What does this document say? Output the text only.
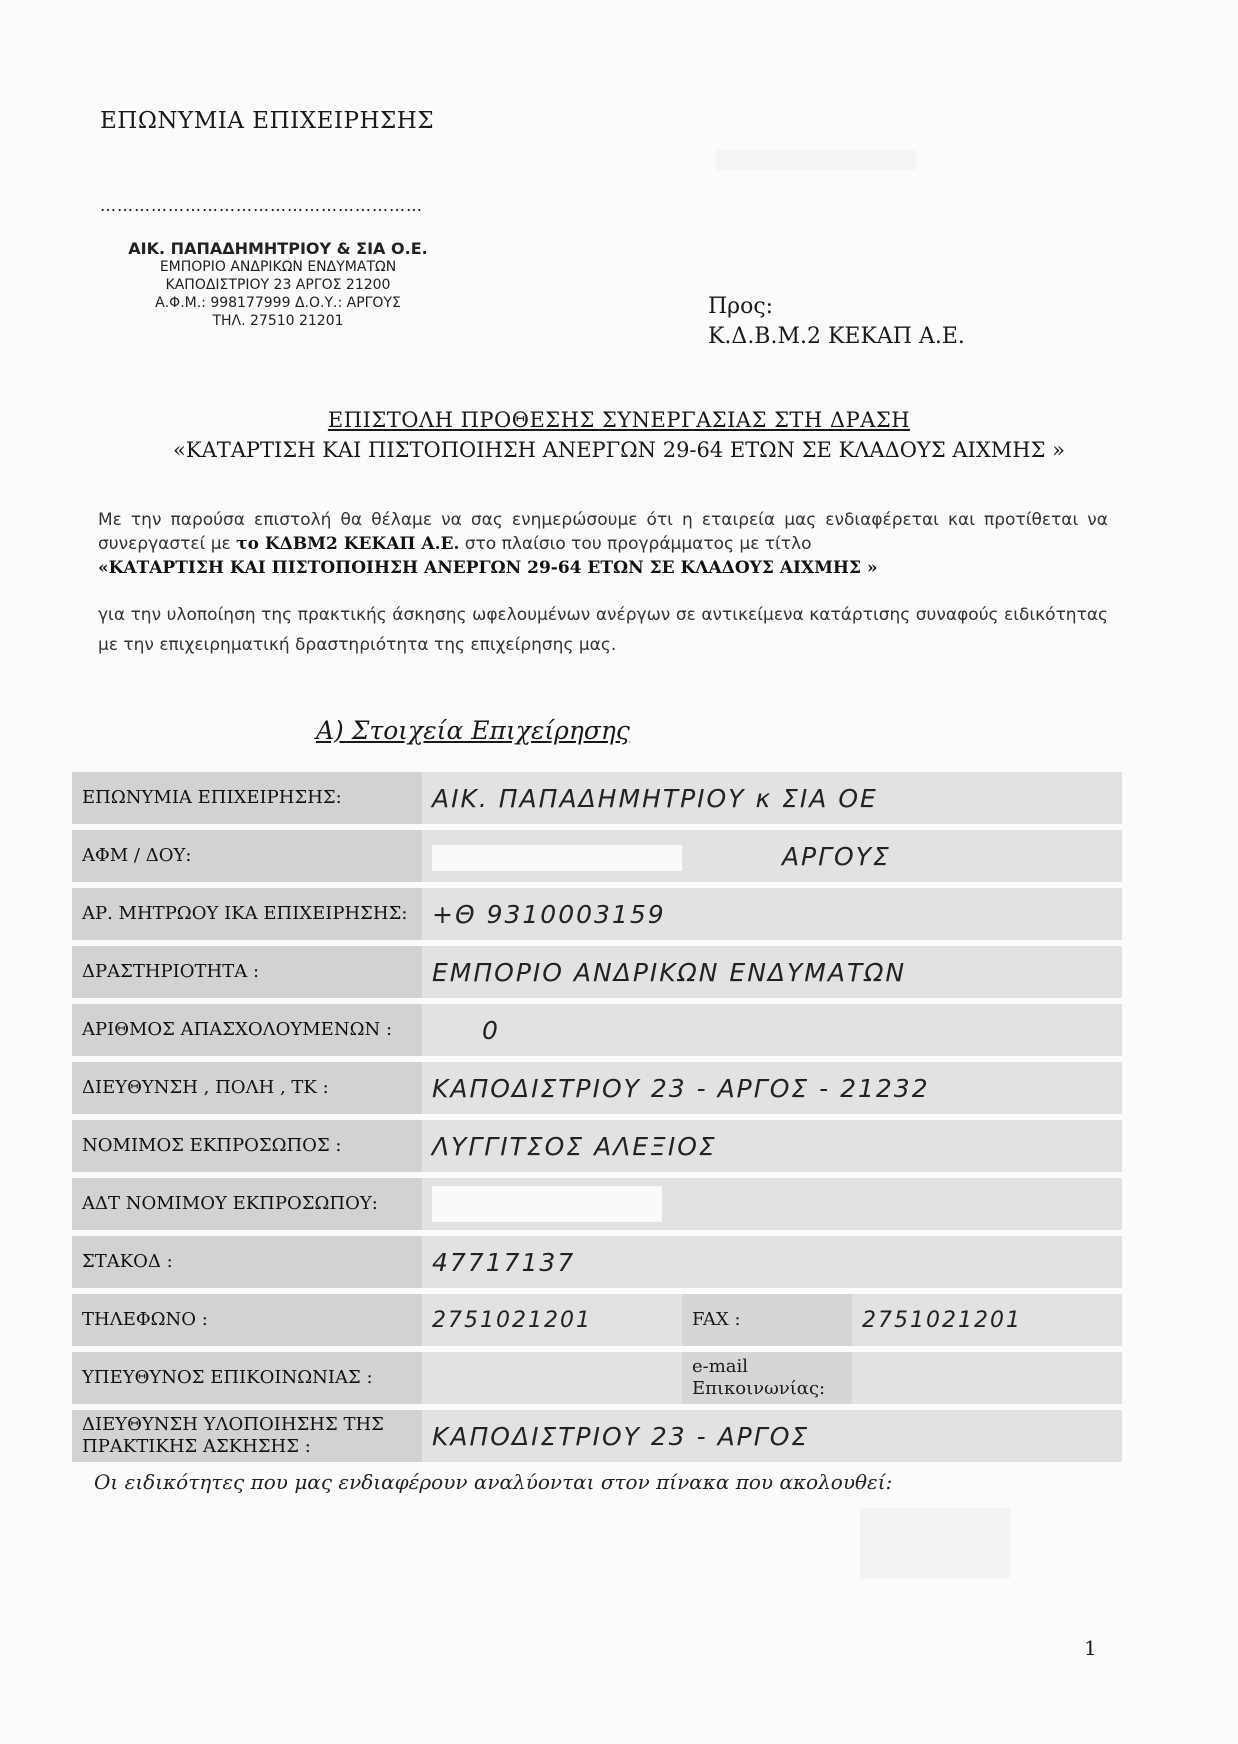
ΕΠΩΝΥΜΙΑ ΕΠΙΧΕΙΡΗΣΗΣ
…………………………………………………
ΑΙΚ. ΠΑΠΑΔΗΜΗΤΡΙΟΥ & ΣΙΑ Ο.Ε.
ΕΜΠΟΡΙΟ ΑΝΔΡΙΚΩΝ ΕΝΔΥΜΑΤΩΝ
ΚΑΠΟΔΙΣΤΡΙΟΥ 23 ΑΡΓΟΣ 21200
Α.Φ.Μ.: 998177999 Δ.Ο.Υ.: ΑΡΓΟΥΣ
ΤΗΛ. 27510 21201
Προς:
Κ.Δ.Β.Μ.2 ΚΕΚΑΠ Α.Ε.
ΕΠΙΣΤΟΛΗ ΠΡΟΘΕΣΗΣ ΣΥΝΕΡΓΑΣΙΑΣ ΣΤΗ ΔΡΑΣΗ
«ΚΑΤΑΡΤΙΣΗ ΚΑΙ ΠΙΣΤΟΠΟΙΗΣΗ ΑΝΕΡΓΩΝ 29-64 ΕΤΩΝ ΣΕ ΚΛΑΔΟΥΣ ΑΙΧΜΗΣ »
Με την παρούσα επιστολή θα θέλαμε να σας ενημερώσουμε ότι η εταιρεία μας ενδιαφέρεται και προτίθεται να συνεργαστεί με το ΚΔΒΜ2 ΚΕΚΑΠ Α.Ε. στο πλαίσιο του προγράμματος με τίτλο
«ΚΑΤΑΡΤΙΣΗ ΚΑΙ ΠΙΣΤΟΠΟΙΗΣΗ ΑΝΕΡΓΩΝ 29-64 ΕΤΩΝ ΣΕ ΚΛΑΔΟΥΣ ΑΙΧΜΗΣ »
για την υλοποίηση της πρακτικής άσκησης ωφελουμένων ανέργων σε αντικείμενα κατάρτισης συναφούς ειδικότητας με την επιχειρηματική δραστηριότητα της επιχείρησης μας.
Α) Στοιχεία Επιχείρησης
ΕΠΩΝΥΜΙΑ ΕΠΙΧΕΙΡΗΣΗΣ:	ΑΙΚ. ΠΑΠΑΔΗΜΗΤΡΙΟΥ κ ΣΙΑ ΟΕ		
ΑΦΜ / ΔΟΥ:	ΑΡΓΟΥΣ		
ΑΡ. ΜΗΤΡΩΟΥ ΙΚΑ ΕΠΙΧΕΙΡΗΣΗΣ:	+Θ 9310003159		
ΔΡΑΣΤΗΡΙΟΤΗΤΑ :	ΕΜΠΟΡΙΟ ΑΝΔΡΙΚΩΝ ΕΝΔΥΜΑΤΩΝ		
ΑΡΙΘΜΟΣ ΑΠΑΣΧΟΛΟΥΜΕΝΩΝ :	0		
ΔΙΕΥΘΥΝΣΗ , ΠΟΛΗ , ΤΚ :	ΚΑΠΟΔΙΣΤΡΙΟΥ 23 - ΑΡΓΟΣ - 21232		
ΝΟΜΙΜΟΣ ΕΚΠΡΟΣΩΠΟΣ :	ΛΥΓΓΙΤΣΟΣ ΑΛΕΞΙΟΣ		
ΑΔΤ ΝΟΜΙΜΟΥ ΕΚΠΡΟΣΩΠΟΥ:			
ΣΤΑΚΟΔ :	47717137		
ΤΗΛΕΦΩΝΟ :	2751021201	FAX :	2751021201
ΥΠΕΥΘΥΝΟΣ ΕΠΙΚΟΙΝΩΝΙΑΣ :		e-mail Επικοινωνίας:	
ΔΙΕΥΘΥΝΣΗ ΥΛΟΠΟΙΗΣΗΣ ΤΗΣ ΠΡΑΚΤΙΚΗΣ ΑΣΚΗΣΗΣ :	ΚΑΠΟΔΙΣΤΡΙΟΥ 23 - ΑΡΓΟΣ		
Οι ειδικότητες που μας ενδιαφέρουν αναλύονται στον πίνακα που ακολουθεί:
1
